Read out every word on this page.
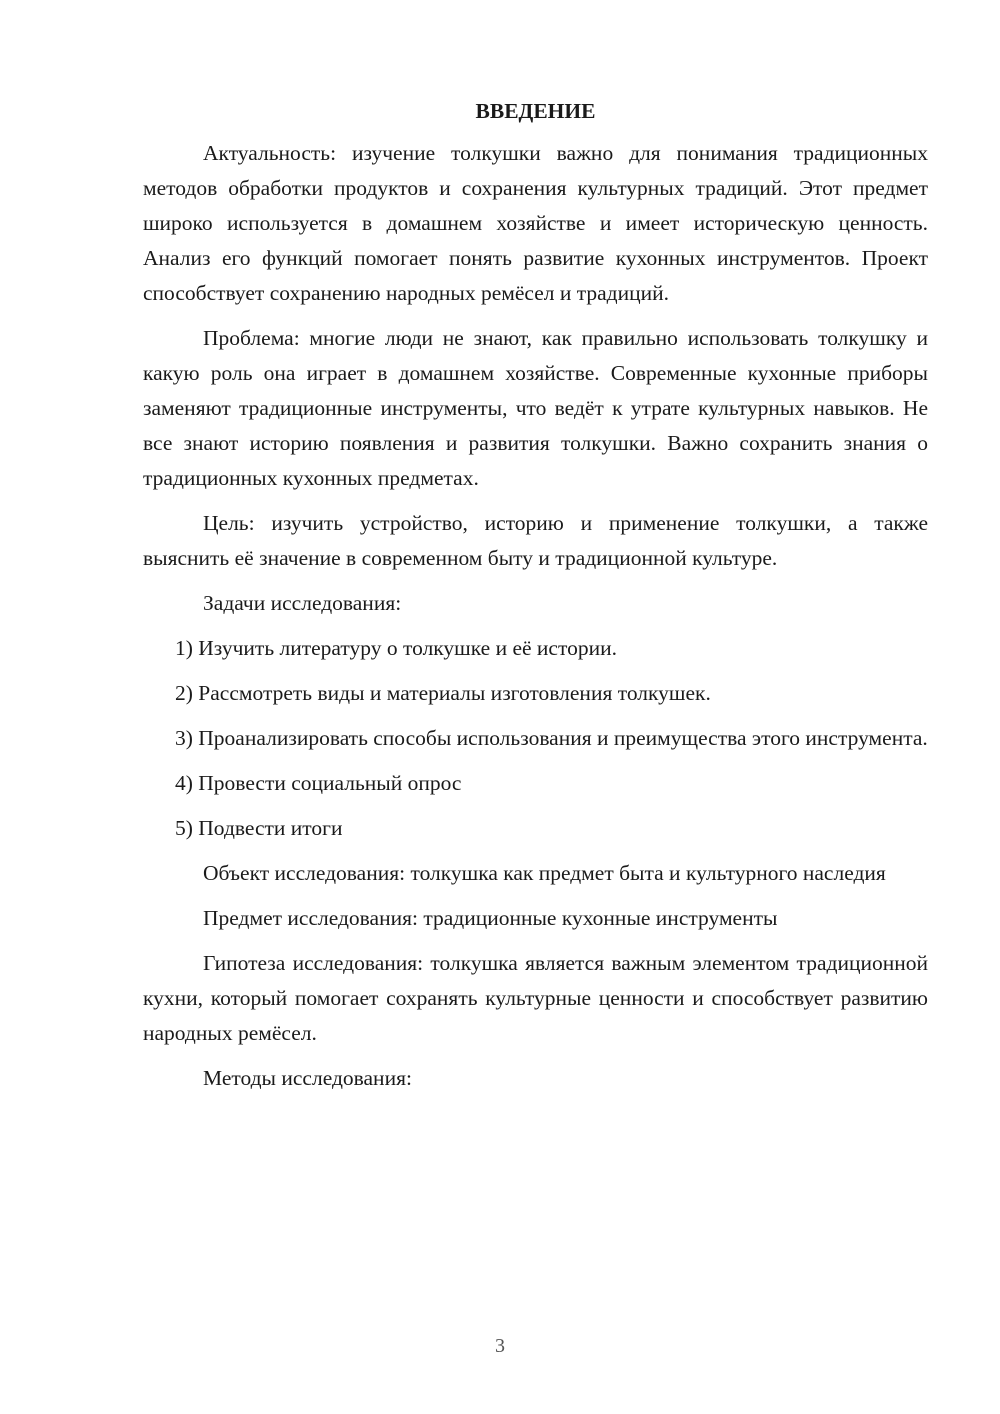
ВВЕДЕНИЕ

Актуальность: изучение толкушки важно для понимания традиционных методов обработки продуктов и сохранения культурных традиций. Этот предмет широко используется в домашнем хозяйстве и имеет историческую ценность. Анализ его функций помогает понять развитие кухонных инструментов. Проект способствует сохранению народных ремёсел и традиций.

Проблема: многие люди не знают, как правильно использовать толкушку и какую роль она играет в домашнем хозяйстве. Современные кухонные приборы заменяют традиционные инструменты, что ведёт к утрате культурных навыков. Не все знают историю появления и развития толкушки. Важно сохранить знания о традиционных кухонных предметах.

Цель: изучить устройство, историю и применение толкушки, а также выяснить её значение в современном быту и традиционной культуре.

Задачи исследования:

1) Изучить литературу о толкушке и её истории.

2) Рассмотреть виды и материалы изготовления толкушек.

3) Проанализировать способы использования и преимущества этого инструмента.

4) Провести социальный опрос

5) Подвести итоги

Объект исследования: толкушка как предмет быта и культурного наследия

Предмет исследования: традиционные кухонные инструменты

Гипотеза исследования: толкушка является важным элементом традиционной кухни, который помогает сохранять культурные ценности и способствует развитию народных ремёсел.

Методы исследования:

3
